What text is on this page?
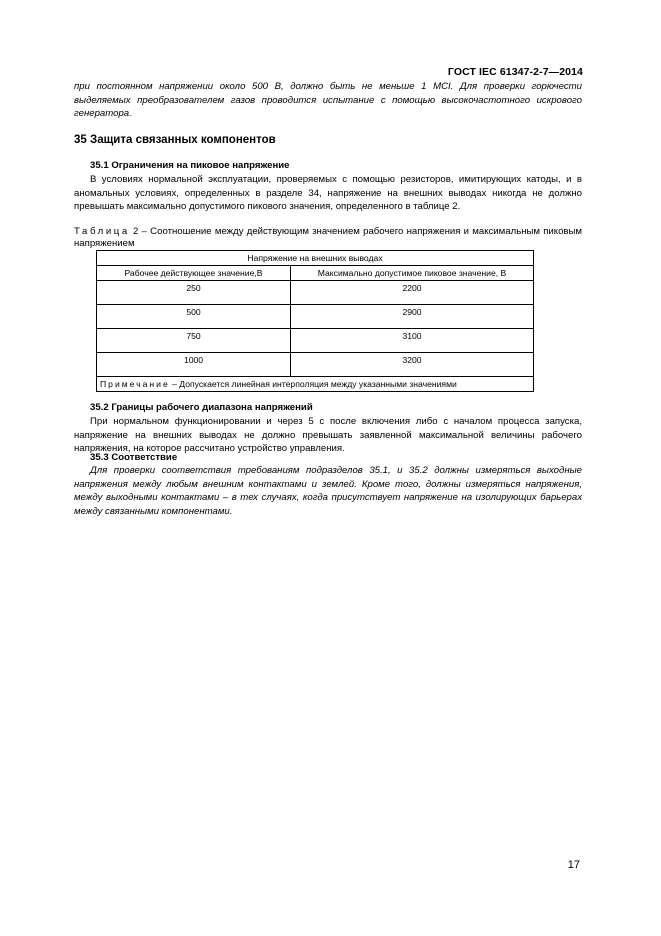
ГОСТ IEC 61347-2-7—2014
при постоянном напряжении около 500 В, должно быть не меньше 1 МСІ. Для проверки горючести выделяемых преобразователем газов проводится испытание с помощью высокочастотного искрового генератора.
35 Защита связанных компонентов
35.1 Ограничения на пиковое напряжение
В условиях нормальной эксплуатации, проверяемых с помощью резисторов, имитирующих катоды, и в аномальных условиях, определенных в разделе 34, напряжение на внешних выводах никогда не должно превышать максимально допустимого пикового значения, определенного в таблице 2.
Таблица 2 – Соотношение между действующим значением рабочего напряжения и максимальным пиковым напряжением
Напряжение на внешних выводах	
Рабочее действующее значение,В	Максимально допустимое пиковое значение, В
250	2200
500	2900
750	3100
1000	3200
Примечание – Допускается линейная интерполяция между указанными значениями	
35.2 Границы рабочего диапазона напряжений
При нормальном функционировании и через 5 с после включения либо с началом процесса запуска, напряжение на внешних выводах не должно превышать заявленной максимальной величины рабочего напряжения, на которое рассчитано устройство управления.
35.3 Соответствие
Для проверки соответствия требованиям подразделов 35.1, и 35.2 должны измеряться выходные напряжения между любым внешним контактами и землей. Кроме того, должны измеряться напряжения, между выходными контактами – в тех случаях, когда присутствует напряжение на изолирующих барьерах между связанными компонентами.
17
